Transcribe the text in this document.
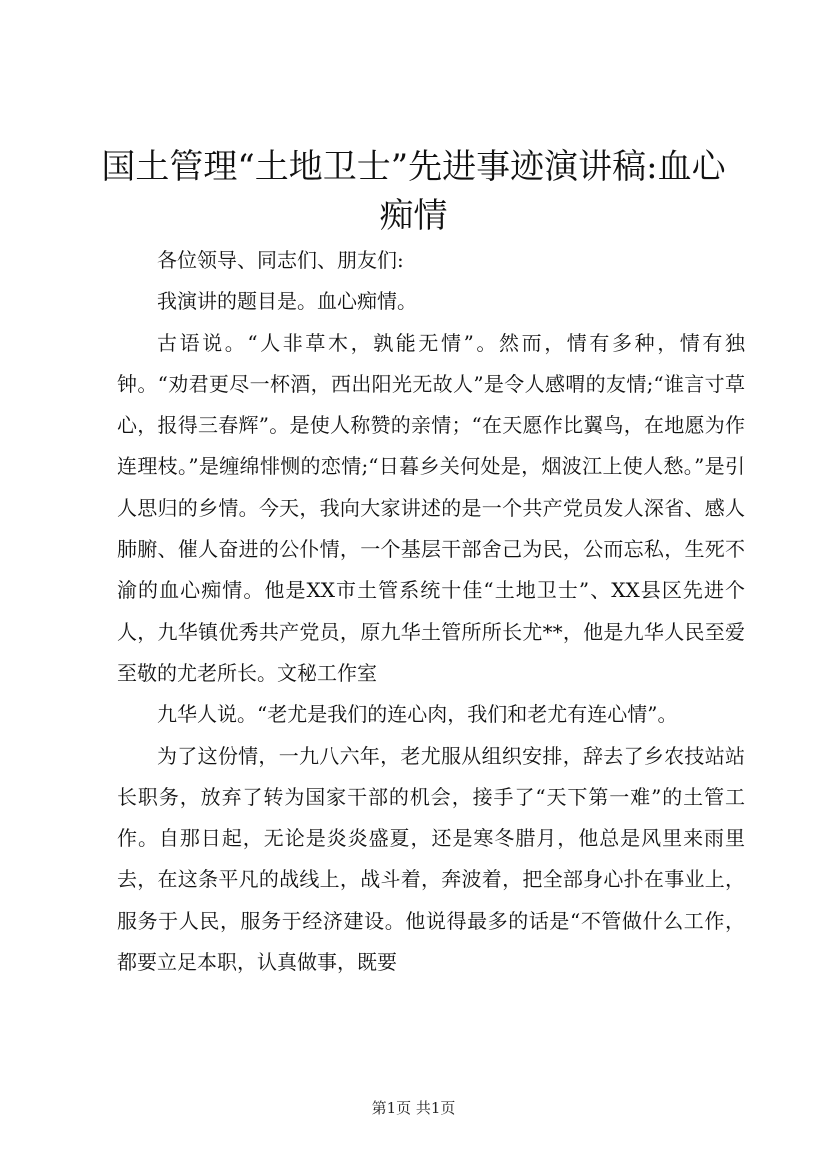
国土管理“土地卫士”先进事迹演讲稿:血心痴情

各位领导、同志们、朋友们:

我演讲的题目是。血心痴情。

古语说。“人非草木，孰能无情”。然而，情有多种，情有独钟。“劝君更尽一杯酒，西出阳光无故人”是令人感喟的友情;“谁言寸草心，报得三春辉”。是使人称赞的亲情；“在天愿作比翼鸟，在地愿为作连理枝。”是缠绵悱恻的恋情;“日暮乡关何处是，烟波江上使人愁。”是引人思归的乡情。今天，我向大家讲述的是一个共产党员发人深省、感人肺腑、催人奋进的公仆情，一个基层干部舍己为民，公而忘私，生死不渝的血心痴情。他是XX市土管系统十佳“土地卫士”、XX县区先进个人，九华镇优秀共产党员，原九华土管所所长尤**，他是九华人民至爱至敬的尤老所长。文秘工作室

九华人说。“老尤是我们的连心肉，我们和老尤有连心情”。

为了这份情，一九八六年，老尤服从组织安排，辞去了乡农技站站长职务，放弃了转为国家干部的机会，接手了“天下第一难”的土管工作。自那日起，无论是炎炎盛夏，还是寒冬腊月，他总是风里来雨里去，在这条平凡的战线上，战斗着，奔波着，把全部身心扑在事业上，服务于人民，服务于经济建设。他说得最多的话是“不管做什么工作，都要立足本职，认真做事，既要

第1页 共1页
